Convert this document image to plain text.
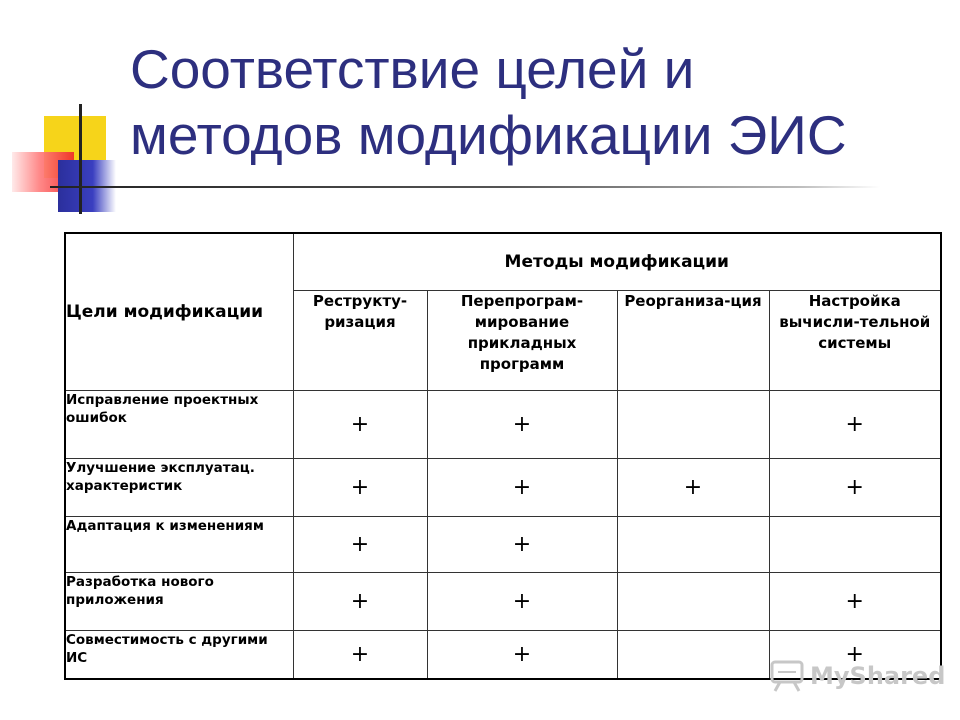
Соответствие целей и
методов модификации ЭИС
Цели модификации	Методы модификации			
	Реструкту-ризация	Перепрограм-мирование прикладных программ	Реорганиза-ция	Настройка вычисли-тельной системы
Исправление проектных ошибок	+	+		+
Улучшение эксплуатац. характеристик	+	+	+	+
Адаптация к изменениям	+	+		
Разработка нового приложения	+	+		+
Совместимость с другими ИС	+	+		+
MyShared
